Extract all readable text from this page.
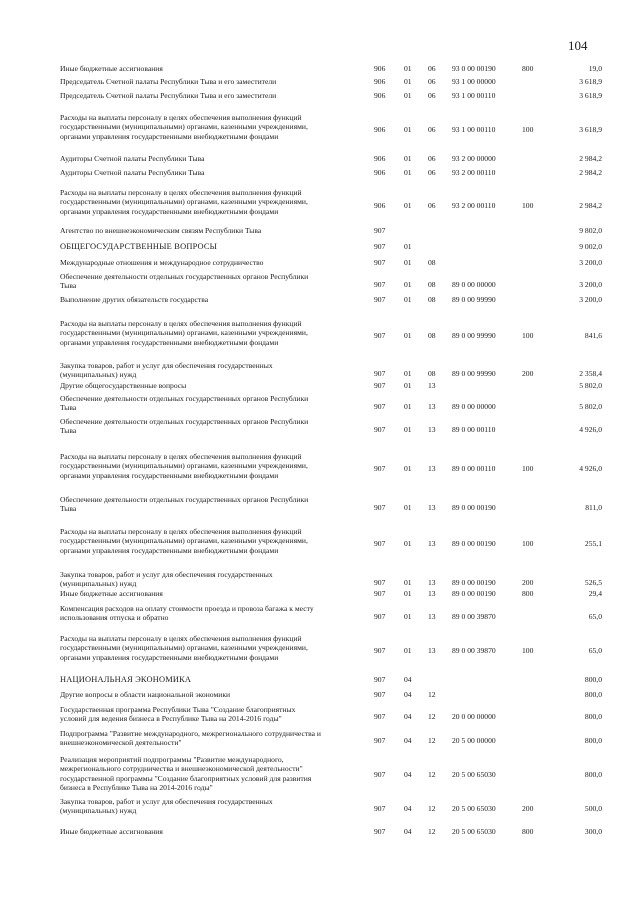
104
Иные бюджетные ассигнования	906 01 06 93 0 00 00190	800	19,0
Председатель Счетной палаты Республики Тыва и его заместители	906 01 06 93 1 00 00000	3 618,9
Председатель Счетной палаты Республики Тыва и его заместители	906 01 06 93 1 00 00110	3 618,9
Расходы на выплаты персоналу в целях обеспечения выполнения функций
государственными (муниципальными) органами, казенными учреждениями,
органами управления государственными внебюджетными фондами
906 01 06 93 1 00 00110	100	3 618,9
Аудиторы Счетной палаты Республики Тыва	906 01 06 93 2 00 00000	2 984,2
Аудиторы Счетной палаты Республики Тыва	906 01 06 93 2 00 00110	2 984,2
Расходы на выплаты персоналу в целях обеспечения выполнения функций
государственными (муниципальными) органами, казенными учреждениями,
органами управления государственными внебюджетными фондами
906 01 06 93 2 00 00110	100	2 984,2
Агентство по внешнеэкономическим связям Республики Тыва	907	9 802,0
ОБЩЕГОСУДАРСТВЕННЫЕ ВОПРОСЫ	907 01	9 002,0
Международные отношения и международное сотрудничество	907 01 08	3 200,0
Обеспечение деятельности отдельных государственных органов Республики
Тыва	907 01 08 89 0 00 00000	3 200,0
Выполнение других обязательств государства	907 01 08 89 0 00 99990	3 200,0
Расходы на выплаты персоналу в целях обеспечения выполнения функций
государственными (муниципальными) органами, казенными учреждениями,
органами управления государственными внебюджетными фондами
907 01 08 89 0 00 99990	100	841,6
Закупка товаров, работ и услуг для обеспечения государственных
(муниципальных) нужд	907 01 08 89 0 00 99990	200	2 358,4
Другие общегосударственные вопросы	907 01 13	5 802,0
Обеспечение деятельности отдельных государственных органов Республики
Тыва	907 01 13 89 0 00 00000	5 802,0
Обеспечение деятельности отдельных государственных органов Республики
Тыва	907 01 13 89 0 00 00110	4 926,0
Расходы на выплаты персоналу в целях обеспечения выполнения функций
государственными (муниципальными) органами, казенными учреждениями,
органами управления государственными внебюджетными фондами
907 01 13 89 0 00 00110	100	4 926,0
Обеспечение деятельности отдельных государственных органов Республики
Тыва	907 01 13 89 0 00 00190	811,0
Расходы на выплаты персоналу в целях обеспечения выполнения функций
государственными (муниципальными) органами, казенными учреждениями,
органами управления государственными внебюджетными фондами
907 01 13 89 0 00 00190	100	255,1
Закупка товаров, работ и услуг для обеспечения государственных
(муниципальных) нужд	907 01 13 89 0 00 00190	200	526,5
Иные бюджетные ассигнования	907 01 13 89 0 00 00190	800	29,4
Компенсация расходов на оплату стоимости проезда и провоза багажа к месту
использования отпуска и обратно	907 01 13 89 0 00 39870	65,0
Расходы на выплаты персоналу в целях обеспечения выполнения функций
государственными (муниципальными) органами, казенными учреждениями,
органами управления государственными внебюджетными фондами
907 01 13 89 0 00 39870	100	65,0
НАЦИОНАЛЬНАЯ ЭКОНОМИКА	907 04	800,0
Другие вопросы в области национальной экономики	907 04 12	800,0
Государственная программа Республики Тыва "Создание благоприятных
условий для ведения бизнеса в Республике Тыва на 2014-2016 годы"	907 04 12 20 0 00 00000	800,0
Подпрограмма "Развитие международного, межрегионального сотрудничества и
внешнеэкономической деятельности"	907 04 12 20 5 00 00000	800,0
Реализация мероприятий подпрограммы "Развитие международного,
межрегионального сотрудничества и внешнеэкономической деятельности"
государственной программы "Создание благоприятных условий для развития
бизнеса в Республике Тыва на 2014-2016 годы"
907 04 12 20 5 00 65030	800,0
Закупка товаров, работ и услуг для обеспечения государственных
(муниципальных) нужд	907 04 12 20 5 00 65030	200	500,0
Иные бюджетные ассигнования	907 04 12 20 5 00 65030	800	300,0
